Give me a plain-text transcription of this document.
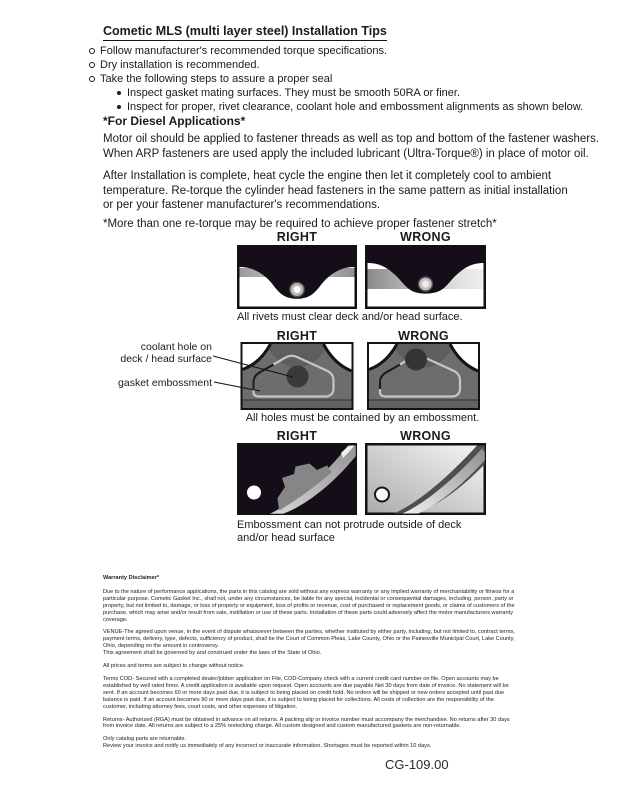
Cometic MLS (multi layer steel) Installation Tips
Follow manufacturer's recommended torque specifications.
Dry installation is recommended.
Take the following steps to assure a proper seal
Inspect gasket mating surfaces. They must be smooth 50RA or finer.
Inspect for proper, rivet clearance, coolant hole and embossment alignments as shown below.
*For Diesel Applications*
Motor oil should be applied to fastener threads as well as top and bottom of the fastener washers.
When ARP fasteners are used apply the included lubricant (Ultra-Torque®) in place of motor oil.
After Installation is complete, heat cycle the engine then let it completely cool to ambient
temperature. Re-torque the cylinder head fasteners in the same pattern as initial installation
or per your fastener manufacturer's recommendations.
*More than one re-torque may be required to achieve proper fastener stretch*
RIGHT	WRONG
All rivets must clear deck and/or head surface.
RIGHT	WRONG
coolant hole on
deck / head surface
gasket embossment
All holes must be contained by an embossment.
RIGHT	WRONG
Embossment can not protrude outside of deck
and/or head surface
Warranty Disclaimer*

Due to the nature of performance applications, the parts in this catalog are sold without any express warranty or any implied warranty of merchantability or fitness for a particular purpose. Cometic Gasket Inc., shall not, under any circumstances, be liable for any special, incidental or consequential damages, including, person, party or property, but not limited to, damage, or loss of property or equipment, loss of profits or revenue, cost of purchased or replacement goods, or claims of customers of the purchase, which may arise and/or result from sale, instillation or use of these parts. Installation of these parts could adversely affect the motor manufacturers warranty coverage.

VENUE-The agreed upon venue, in the event of dispute whatsoever between the parties, whether instituted by either party, including, but not limited to, contract terms, payment terms, delivery, type, defects, sufficiency of product, shall be the Court of Common Pleas, Lake County, Ohio or the Painesville Municipal Court, Lake County, Ohio, depending on the amount in controversy.

This agreement shall be governed by and construed under the laws of the State of Ohio.

All prices and terms are subject to change without notice.

Terms COD- Secured with a completed dealer/jobber application on File, COD-Company check with a current credit card number on file. Open accounts may be established by well rated firms. A credit application is available upon request. Open accounts are due payable Net 30 days from date of invoice. No statement will be sent. If an account becomes 60 or more days past due, it is subject to being placed on credit hold. No orders will be shipped or new orders accepted until past due balance is paid. If an account becomes 90 or more days past due, it is subject to being placed for collections. All costs of collection are the responsibility of the customer, including attorney fees, court costs, and other expenses of litigation.

Returns- Authorized (RGA) must be obtained in advance on all returns. A packing slip or invoice number must accompany the merchandise. No returns after 30 days from invoice date. All returns are subject to a 25% restocking charge. All custom designed and custom manufactured gaskets are non-returnable.

Only catalog parts are returnable.

Review your invoice and notify us immediately of any incorrect or inaccurate information. Shortages must be reported within 10 days.

CG-109.00
